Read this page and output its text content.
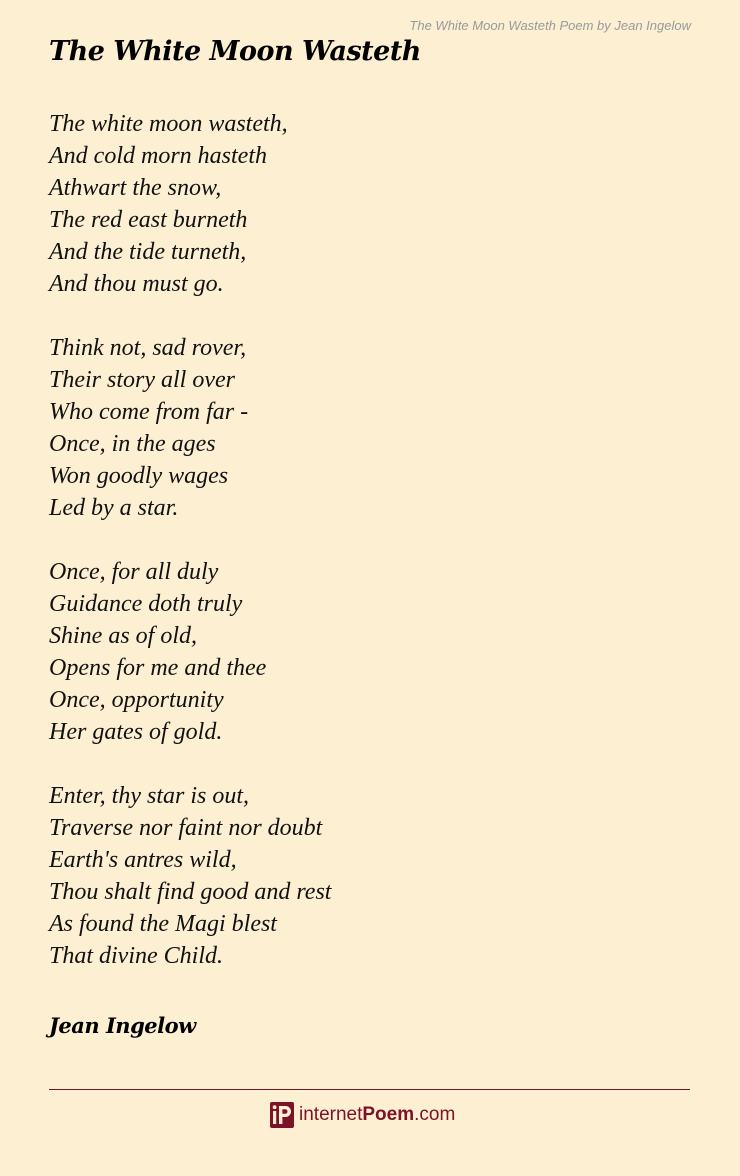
The White Moon Wasteth Poem by Jean Ingelow
The White Moon Wasteth
The white moon wasteth,
And cold morn hasteth
Athwart the snow,
The red east burneth
And the tide turneth,
And thou must go.
Think not, sad rover,
Their story all over
Who come from far -
Once, in the ages
Won goodly wages
Led by a star.
Once, for all duly
Guidance doth truly
Shine as of old,
Opens for me and thee
Once, opportunity
Her gates of gold.
Enter, thy star is out,
Traverse nor faint nor doubt
Earth's antres wild,
Thou shalt find good and rest
As found the Magi blest
That divine Child.
Jean Ingelow
internetPoem.com
